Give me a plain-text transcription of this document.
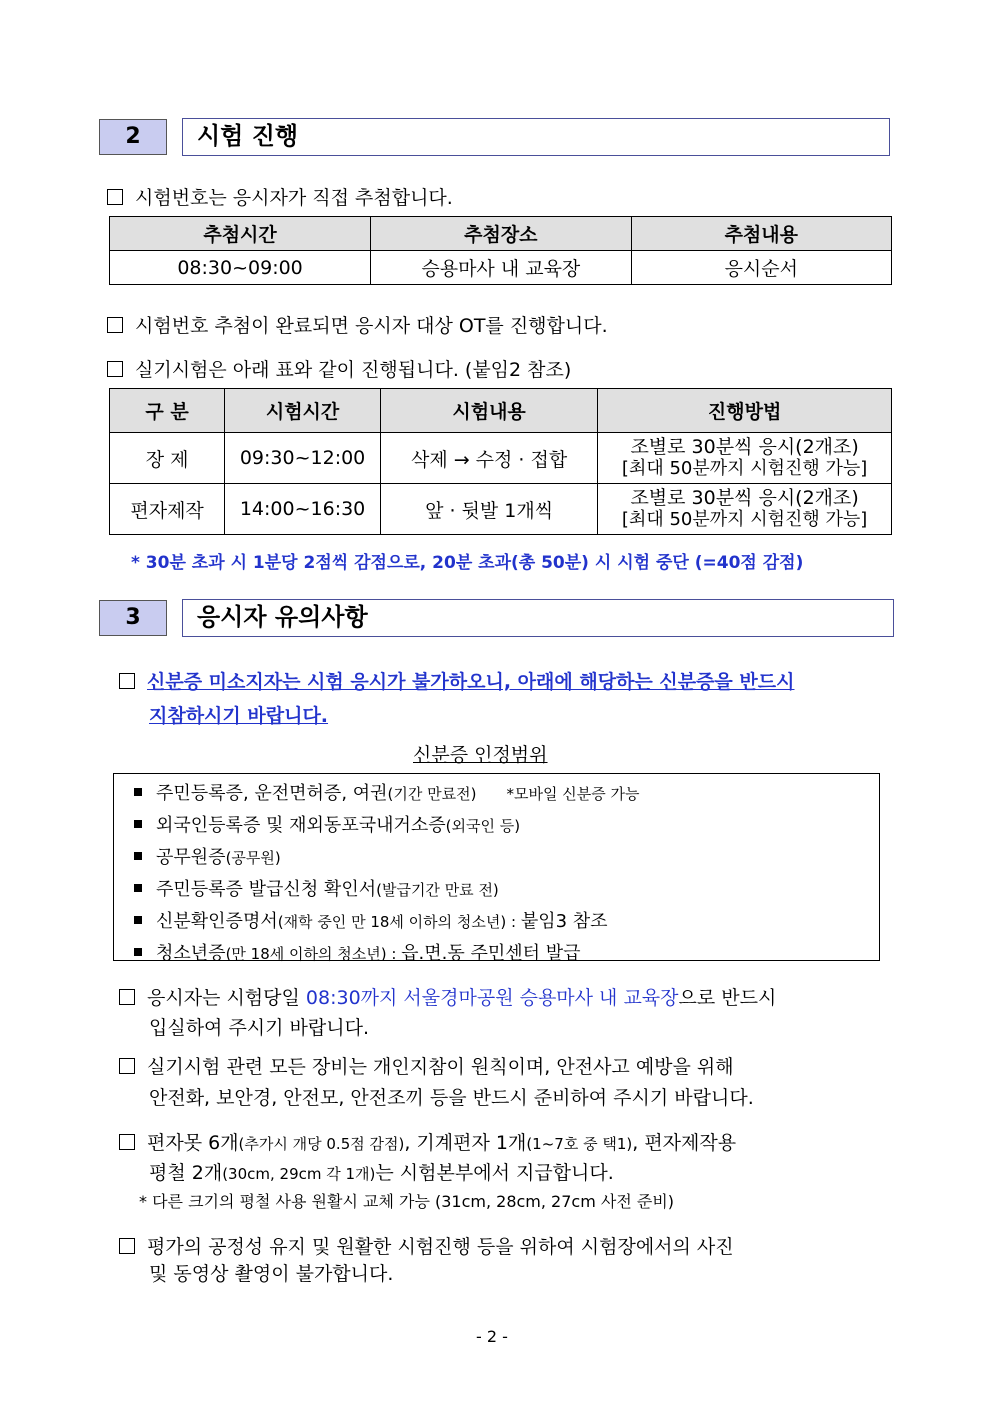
2	시험 진행
시험번호는 응시자가 직접 추첨합니다.
추첨시간	추첨장소	추첨내용
08:30~09:00	승용마사 내 교육장	응시순서
시험번호 추첨이 완료되면 응시자 대상 OT를 진행합니다.
실기시험은 아래 표와 같이 진행됩니다. (붙임2 참조)
구 분	시험시간	시험내용	진행방법
장 제	09:30~12:00	삭제 → 수정 · 접합	조별로 30분씩 응시(2개조)
[최대 50분까지 시험진행 가능]

편자제작	14:00~16:30	앞 · 뒷발 1개씩	조별로 30분씩 응시(2개조)
[최대 50분까지 시험진행 가능]
* 30분 초과 시 1분당 2점씩 감점으로, 20분 초과(총 50분) 시 시험 중단 (=40점 감점)
3	응시자 유의사항
신분증 미소지자는 시험 응시가 불가하오니, 아래에 해당하는 신분증을 반드시
지참하시기 바랍니다.
신분증 인정범위
주민등록증, 운전면허증, 여권(기간 만료전) *모바일 신분증 가능
외국인등록증 및 재외동포국내거소증(외국인 등)
공무원증(공무원)
주민등록증 발급신청 확인서(발급기간 만료 전)
신분확인증명서(재학 중인 만 18세 이하의 청소년) : 붙임3 참조
청소년증(만 18세 이하의 청소년) : 읍.면.동 주민센터 발급
응시자는 시험당일 08:30까지 서울경마공원 승용마사 내 교육장으로 반드시
입실하여 주시기 바랍니다.
실기시험 관련 모든 장비는 개인지참이 원칙이며, 안전사고 예방을 위해
안전화, 보안경, 안전모, 안전조끼 등을 반드시 준비하여 주시기 바랍니다.
편자못 6개(추가시 개당 0.5점 감점), 기계편자 1개(1~7호 중 택1), 편자제작용
평철 2개(30cm, 29cm 각 1개)는 시험본부에서 지급합니다.
* 다른 크기의 평철 사용 원활시 교체 가능 (31cm, 28cm, 27cm 사전 준비)
평가의 공정성 유지 및 원활한 시험진행 등을 위하여 시험장에서의 사진
및 동영상 촬영이 불가합니다.
- 2 -
